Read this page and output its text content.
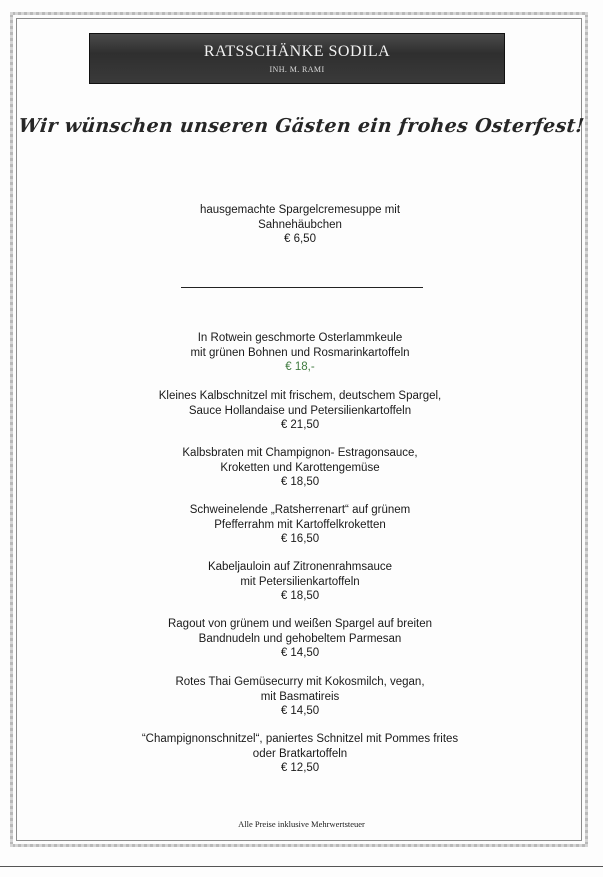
RATSSCHÄNKE SODILA
INH. M. RAMI
Wir wünschen unseren Gästen ein frohes Osterfest!
hausgemachte Spargelcremesuppe mit
Sahnehäubchen
€ 6,50
In Rotwein geschmorte Osterlammkeule
mit grünen Bohnen und Rosmarinkartoffeln
€ 18,-
Kleines Kalbschnitzel mit frischem, deutschem Spargel,
Sauce Hollandaise und Petersilienkartoffeln
€ 21,50
Kalbsbraten mit Champignon- Estragonsauce,
Kroketten und Karottengemüse
€ 18,50
Schweinelende „Ratsherrenart“ auf grünem
Pfefferrahm mit Kartoffelkroketten
€ 16,50
Kabeljauloin auf Zitronenrahmsauce
mit Petersilienkartoffeln
€ 18,50
Ragout von grünem und weißen Spargel auf breiten
Bandnudeln und gehobeltem Parmesan
€ 14,50
Rotes Thai Gemüsecurry mit Kokosmilch, vegan,
mit Basmatireis
€ 14,50
“Champignonschnitzel“, paniertes Schnitzel mit Pommes frites
oder Bratkartoffeln
€ 12,50
Alle Preise inklusive Mehrwertsteuer
